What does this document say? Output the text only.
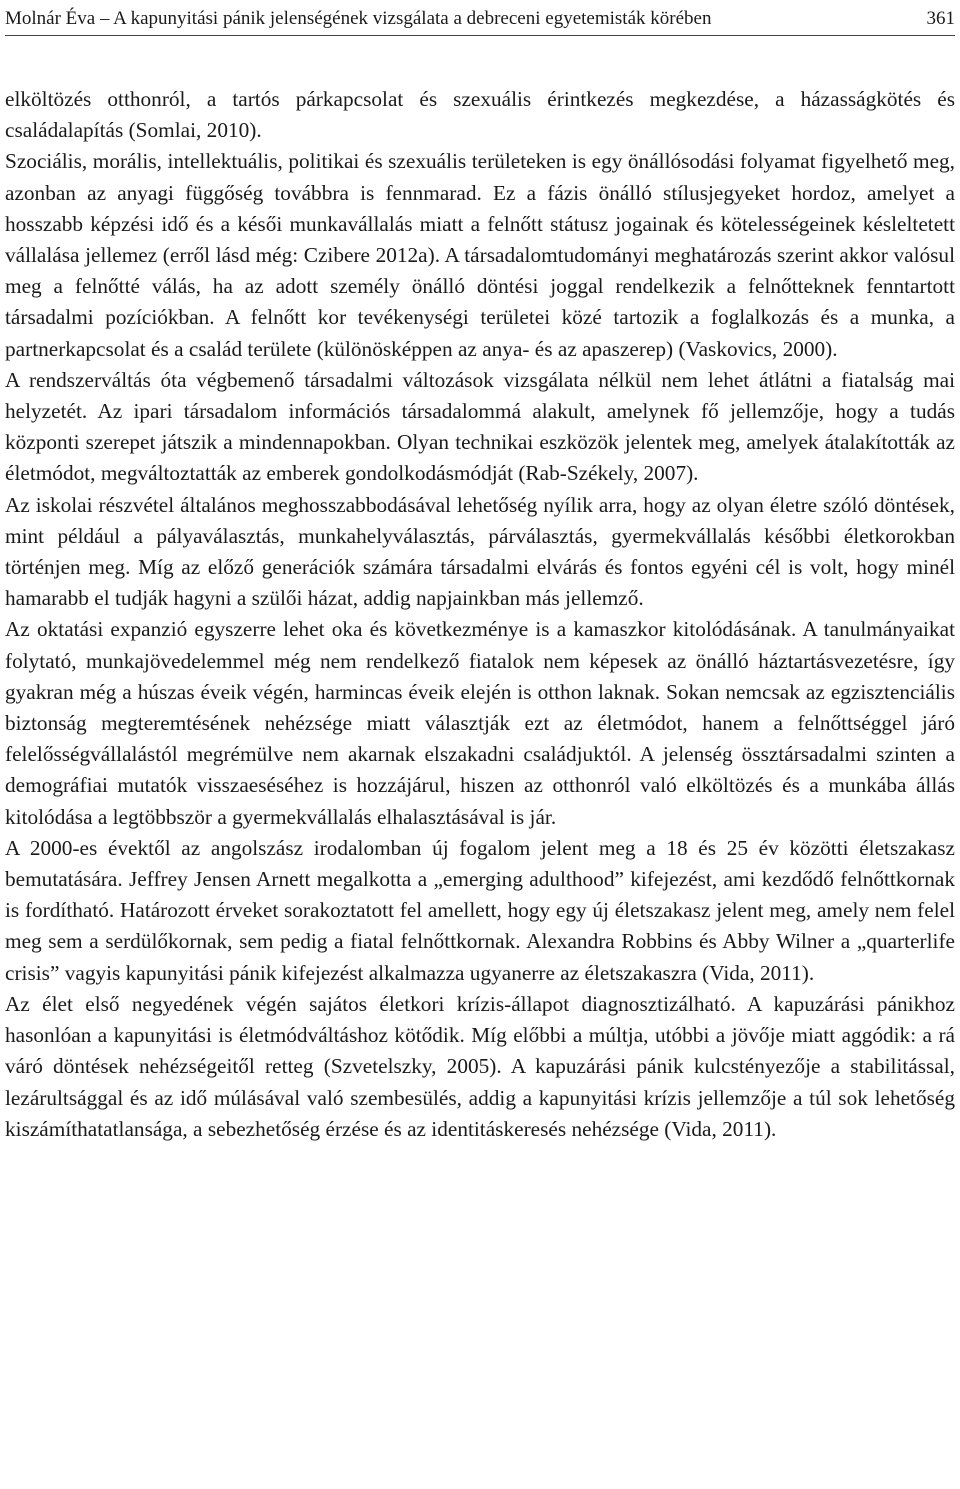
Molnár Éva – A kapunyitási pánik jelenségének vizsgálata a debreceni egyetemisták körében	361

elköltözés otthonról, a tartós párkapcsolat és szexuális érintkezés megkezdése, a házasságkötés és családalapítás (Somlai, 2010).

Szociális, morális, intellektuális, politikai és szexuális területeken is egy önállósodási folyamat figyelhető meg, azonban az anyagi függőség továbbra is fennmarad. Ez a fázis önálló stílusjegyeket hordoz, amelyet a hosszabb képzési idő és a késői munkavállalás miatt a felnőtt státusz jogainak és kötelességeinek késleltetett vállalása jellemez (erről lásd még: Czibere 2012a). A társadalomtudományi meghatározás szerint akkor valósul meg a felnőtté válás, ha az adott személy önálló döntési joggal rendelkezik a felnőtteknek fenntartott társadalmi pozíciókban. A felnőtt kor tevékenységi területei közé tartozik a foglalkozás és a munka, a partnerkapcsolat és a család területe (különösképpen az anya- és az apaszerep) (Vaskovics, 2000).

A rendszerváltás óta végbemenő társadalmi változások vizsgálata nélkül nem lehet átlátni a fiatalság mai helyzetét. Az ipari társadalom információs társadalommá alakult, amelynek fő jellemzője, hogy a tudás központi szerepet játszik a mindennapokban. Olyan technikai eszközök jelentek meg, amelyek átalakították az életmódot, megváltoztatták az emberek gondolkodásmódját (Rab-Székely, 2007).

Az iskolai részvétel általános meghosszabbodásával lehetőség nyílik arra, hogy az olyan életre szóló döntések, mint például a pályaválasztás, munkahelyválasztás, párválasztás, gyermekvállalás későbbi életkorokban történjen meg. Míg az előző generációk számára társadalmi elvárás és fontos egyéni cél is volt, hogy minél hamarabb el tudják hagyni a szülői házat, addig napjainkban más jellemző.

Az oktatási expanzió egyszerre lehet oka és következménye is a kamaszkor kitolódásának. A tanulmányaikat folytató, munkajövedelemmel még nem rendelkező fiatalok nem képesek az önálló háztartásvezetésre, így gyakran még a húszas éveik végén, harmincas éveik elején is otthon laknak. Sokan nemcsak az egzisztenciális biztonság megteremtésének nehézsége miatt választják ezt az életmódot, hanem a felnőttséggel járó felelősségvállalástól megrémülve nem akarnak elszakadni családjuktól. A jelenség össztársadalmi szinten a demográfiai mutatók visszaeséséhez is hozzájárul, hiszen az otthonról való elköltözés és a munkába állás kitolódása a legtöbbször a gyermekvállalás elhalasztásával is jár.

A 2000-es évektől az angolszász irodalomban új fogalom jelent meg a 18 és 25 év közötti életszakasz bemutatására. Jeffrey Jensen Arnett megalkotta a „emerging adulthood” kifejezést, ami kezdődő felnőttkornak is fordítható. Határozott érveket sorakoztatott fel amellett, hogy egy új életszakasz jelent meg, amely nem felel meg sem a serdülőkornak, sem pedig a fiatal felnőttkornak. Alexandra Robbins és Abby Wilner a „quarterlife crisis” vagyis kapunyitási pánik kifejezést alkalmazza ugyanerre az életszakaszra (Vida, 2011).

Az élet első negyedének végén sajátos életkori krízis-állapot diagnosztizálható. A kapuzárási pánikhoz hasonlóan a kapunyitási is életmódváltáshoz kötődik. Míg előbbi a múltja, utóbbi a jövője miatt aggódik: a rá váró döntések nehézségeitől retteg (Szvetelszky, 2005). A kapuzárási pánik kulcstényezője a stabilitással, lezárultsággal és az idő múlásával való szembesülés, addig a kapunyitási krízis jellemzője a túl sok lehetőség kiszámíthatatlansága, a sebezhetőség érzése és az identitáskeresés nehézsége (Vida, 2011).
